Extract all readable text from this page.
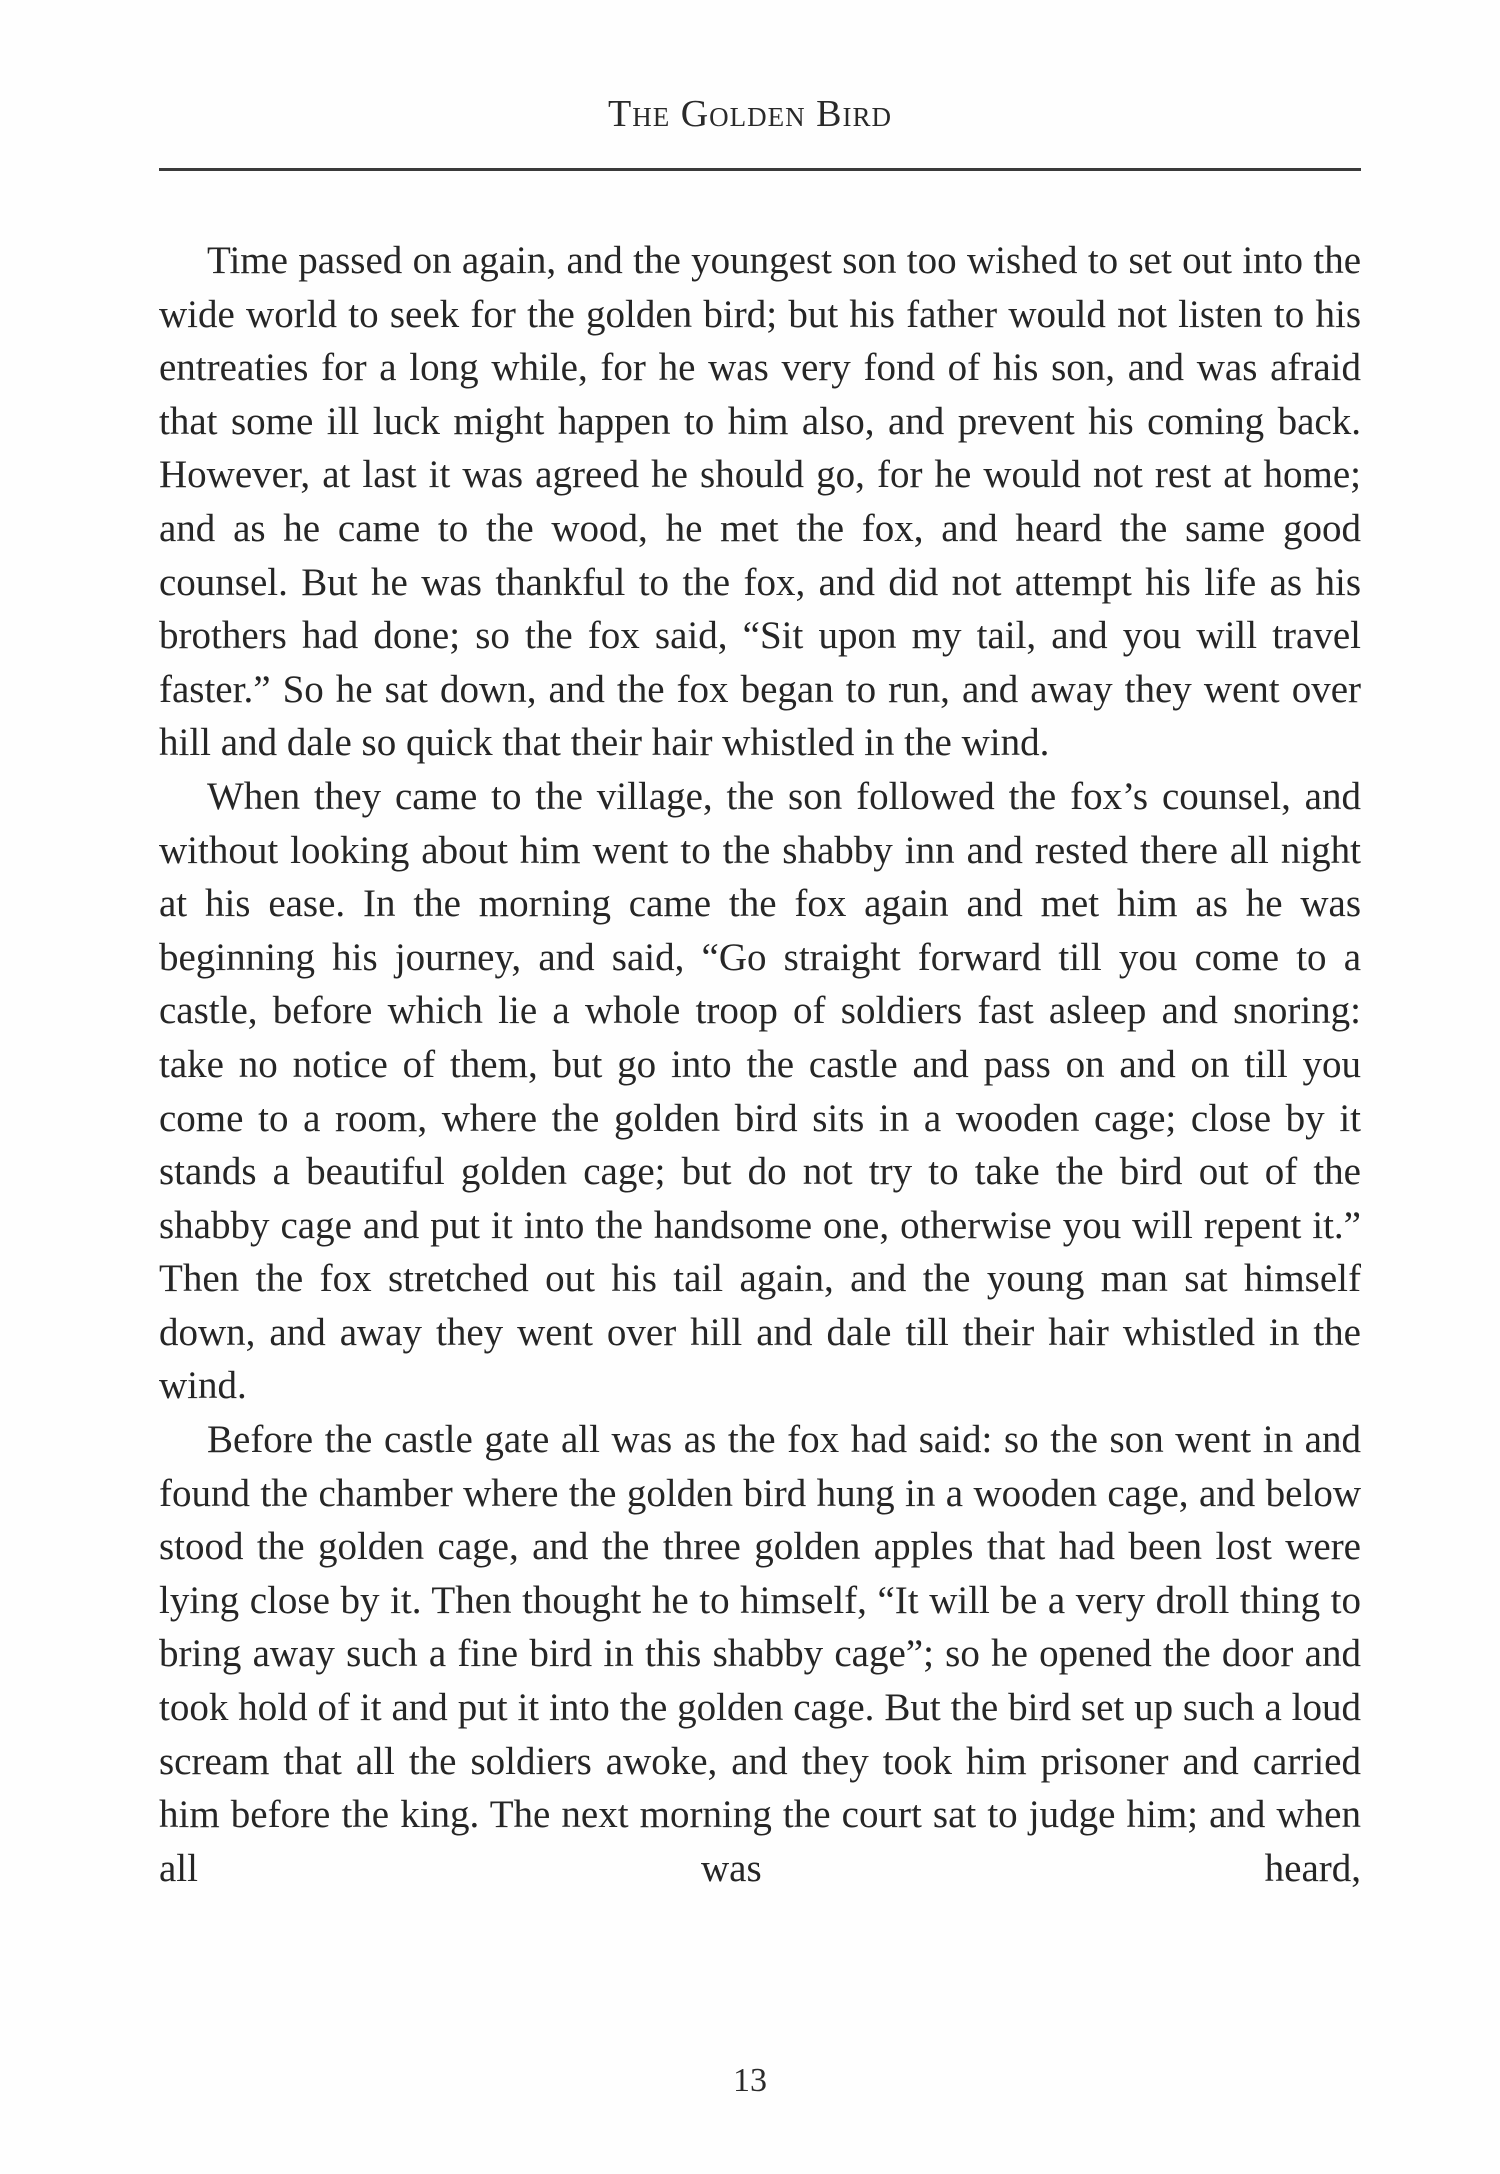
The Golden Bird

Time passed on again, and the youngest son too wished to set out into the wide world to seek for the golden bird; but his father would not listen to his entreaties for a long while, for he was very fond of his son, and was afraid that some ill luck might happen to him also, and prevent his coming back. However, at last it was agreed he should go, for he would not rest at home; and as he came to the wood, he met the fox, and heard the same good counsel. But he was thankful to the fox, and did not attempt his life as his brothers had done; so the fox said, “Sit upon my tail, and you will travel faster.” So he sat down, and the fox began to run, and away they went over hill and dale so quick that their hair whistled in the wind.

When they came to the village, the son followed the fox’s counsel, and without looking about him went to the shabby inn and rested there all night at his ease. In the morning came the fox again and met him as he was beginning his journey, and said, “Go straight forward till you come to a castle, before which lie a whole troop of soldiers fast asleep and snoring: take no notice of them, but go into the castle and pass on and on till you come to a room, where the golden bird sits in a wooden cage; close by it stands a beautiful golden cage; but do not try to take the bird out of the shabby cage and put it into the handsome one, otherwise you will repent it.” Then the fox stretched out his tail again, and the young man sat himself down, and away they went over hill and dale till their hair whistled in the wind.

Before the castle gate all was as the fox had said: so the son went in and found the chamber where the golden bird hung in a wooden cage, and below stood the golden cage, and the three golden apples that had been lost were lying close by it. Then thought he to himself, “It will be a very droll thing to bring away such a fine bird in this shabby cage”; so he opened the door and took hold of it and put it into the golden cage. But the bird set up such a loud scream that all the soldiers awoke, and they took him prisoner and carried him before the king. The next morning the court sat to judge him; and when all was heard,

13
